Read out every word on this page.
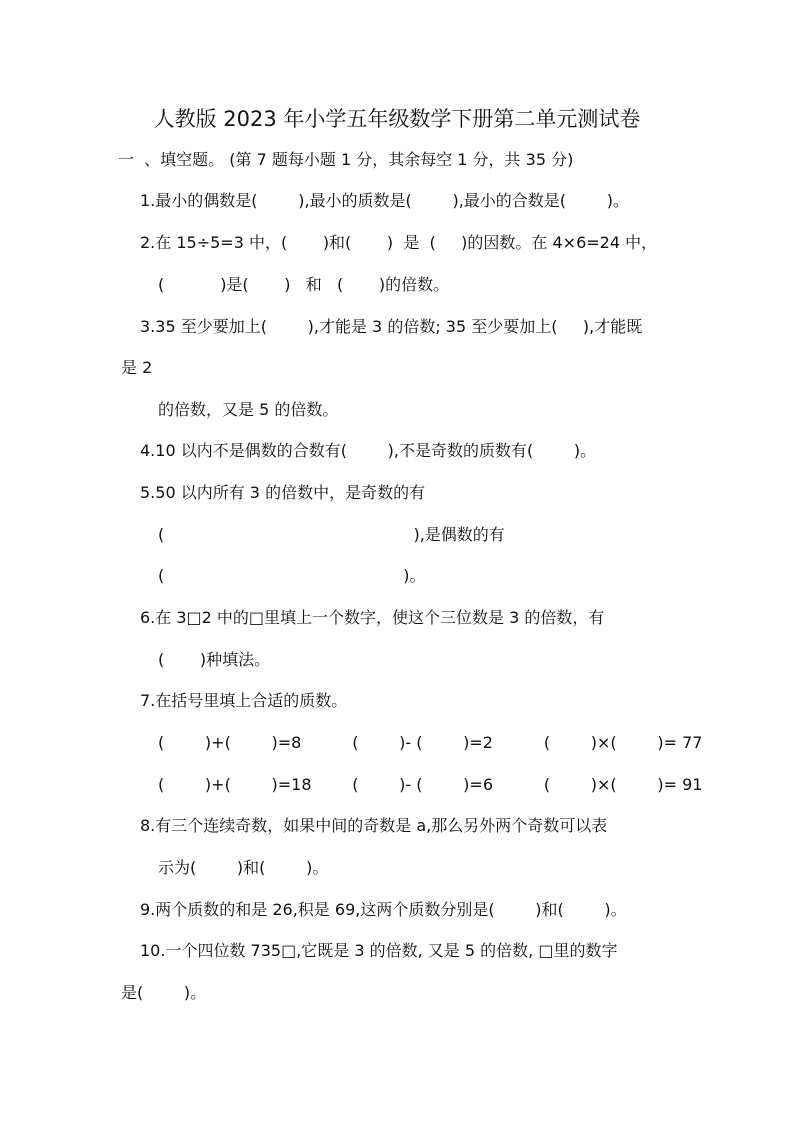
人教版 2023 年小学五年级数学下册第二单元测试卷
一  、填空题。 (第 7 题每小题 1 分，其余每空 1 分，共 35 分)
1.最小的偶数是(        ),最小的质数是(        ),最小的合数是(        )。
2.在 15÷5=3 中，(       )和(       )  是  (     )的因数。在 4×6=24 中，
(           )是(       )   和   (       )的倍数。
3.35 至少要加上(        ),才能是 3 的倍数; 35 至少要加上(     ),才能既
是 2
的倍数，又是 5 的倍数。
4.10 以内不是偶数的合数有(        ),不是奇数的质数有(        )。
5.50 以内所有 3 的倍数中，是奇数的有
(                                                 ),是偶数的有
(                                               )。
6.在 3□2 中的□里填上一个数字，使这个三位数是 3 的倍数，有
(       )种填法。
7.在括号里填上合适的质数。
(        )+(        )=8          (        )- (        )=2          (        )×(        )= 77
(        )+(        )=18        (        )- (        )=6          (        )×(        )= 91
8.有三个连续奇数，如果中间的奇数是 a,那么另外两个奇数可以表
示为(        )和(        )。
9.两个质数的和是 26,积是 69,这两个质数分别是(        )和(        )。
10.一个四位数 735□,它既是 3 的倍数, 又是 5 的倍数, □里的数字
是(        )。
